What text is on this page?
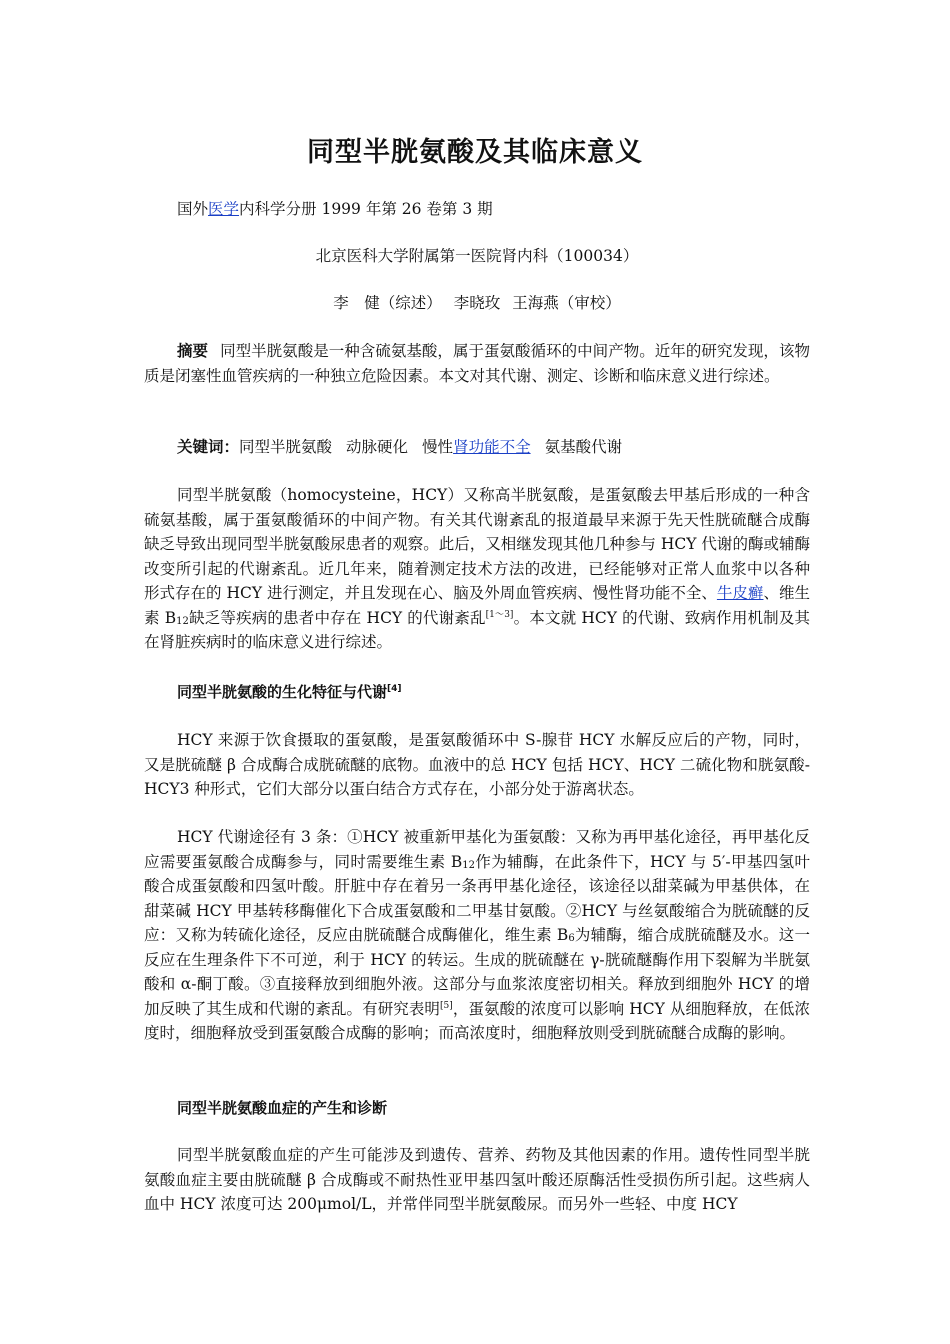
同型半胱氨酸及其临床意义

国外医学内科学分册 1999 年第 26 卷第 3 期

北京医科大学附属第一医院肾内科（100034）

李　健（综述） 李晓玫 王海燕（审校）

摘要 同型半胱氨酸是一种含硫氨基酸，属于蛋氨酸循环的中间产物。近年的研究发现，该物质是闭塞性血管疾病的一种独立危险因素。本文对其代谢、测定、诊断和临床意义进行综述。

关键词：同型半胱氨酸 动脉硬化 慢性肾功能不全 氨基酸代谢

同型半胱氨酸（homocysteine，HCY）又称高半胱氨酸，是蛋氨酸去甲基后形成的一种含硫氨基酸，属于蛋氨酸循环的中间产物。有关其代谢紊乱的报道最早来源于先天性胱硫醚合成酶缺乏导致出现同型半胱氨酸尿患者的观察。此后，又相继发现其他几种参与 HCY 代谢的酶或辅酶改变所引起的代谢紊乱。近几年来，随着测定技术方法的改进，已经能够对正常人血浆中以各种形式存在的 HCY 进行测定，并且发现在心、脑及外周血管疾病、慢性肾功能不全、牛皮癣、维生素 $B_{12}$缺乏等疾病的患者中存在 HCY 的代谢紊乱[1～3]。本文就 HCY 的代谢、致病作用机制及其在肾脏疾病时的临床意义进行综述。

同型半胱氨酸的生化特征与代谢[4]

HCY 来源于饮食摄取的蛋氨酸，是蛋氨酸循环中 S-腺苷 HCY 水解反应后的产物，同时，又是胱硫醚 β 合成酶合成胱硫醚的底物。血液中的总 HCY 包括 HCY、HCY 二硫化物和胱氨酸-HCY3 种形式，它们大部分以蛋白结合方式存在，小部分处于游离状态。

HCY 代谢途径有 3 条：①HCY 被重新甲基化为蛋氨酸：又称为再甲基化途径，再甲基化反应需要蛋氨酸合成酶参与，同时需要维生素 $B_{12}$作为辅酶，在此条件下，HCY 与 5′-甲基四氢叶酸合成蛋氨酸和四氢叶酸。肝脏中存在着另一条再甲基化途径，该途径以甜菜碱为甲基供体，在甜菜碱 HCY 甲基转移酶催化下合成蛋氨酸和二甲基甘氨酸。②HCY 与丝氨酸缩合为胱硫醚的反应：又称为转硫化途径，反应由胱硫醚合成酶催化，维生素 $B_6$为辅酶，缩合成胱硫醚及水。这一反应在生理条件下不可逆，利于 HCY 的转运。生成的胱硫醚在 γ-胱硫醚酶作用下裂解为半胱氨酸和 α-酮丁酸。③直接释放到细胞外液。这部分与血浆浓度密切相关。释放到细胞外 HCY 的增加反映了其生成和代谢的紊乱。有研究表明[5]，蛋氨酸的浓度可以影响 HCY 从细胞释放，在低浓度时，细胞释放受到蛋氨酸合成酶的影响；而高浓度时，细胞释放则受到胱硫醚合成酶的影响。

同型半胱氨酸血症的产生和诊断

同型半胱氨酸血症的产生可能涉及到遗传、营养、药物及其他因素的作用。遗传性同型半胱氨酸血症主要由胱硫醚 β 合成酶或不耐热性亚甲基四氢叶酸还原酶活性受损伤所引起。这些病人血中 HCY 浓度可达 200μmol/L，并常伴同型半胱氨酸尿。而另外一些轻、中度 HCY
